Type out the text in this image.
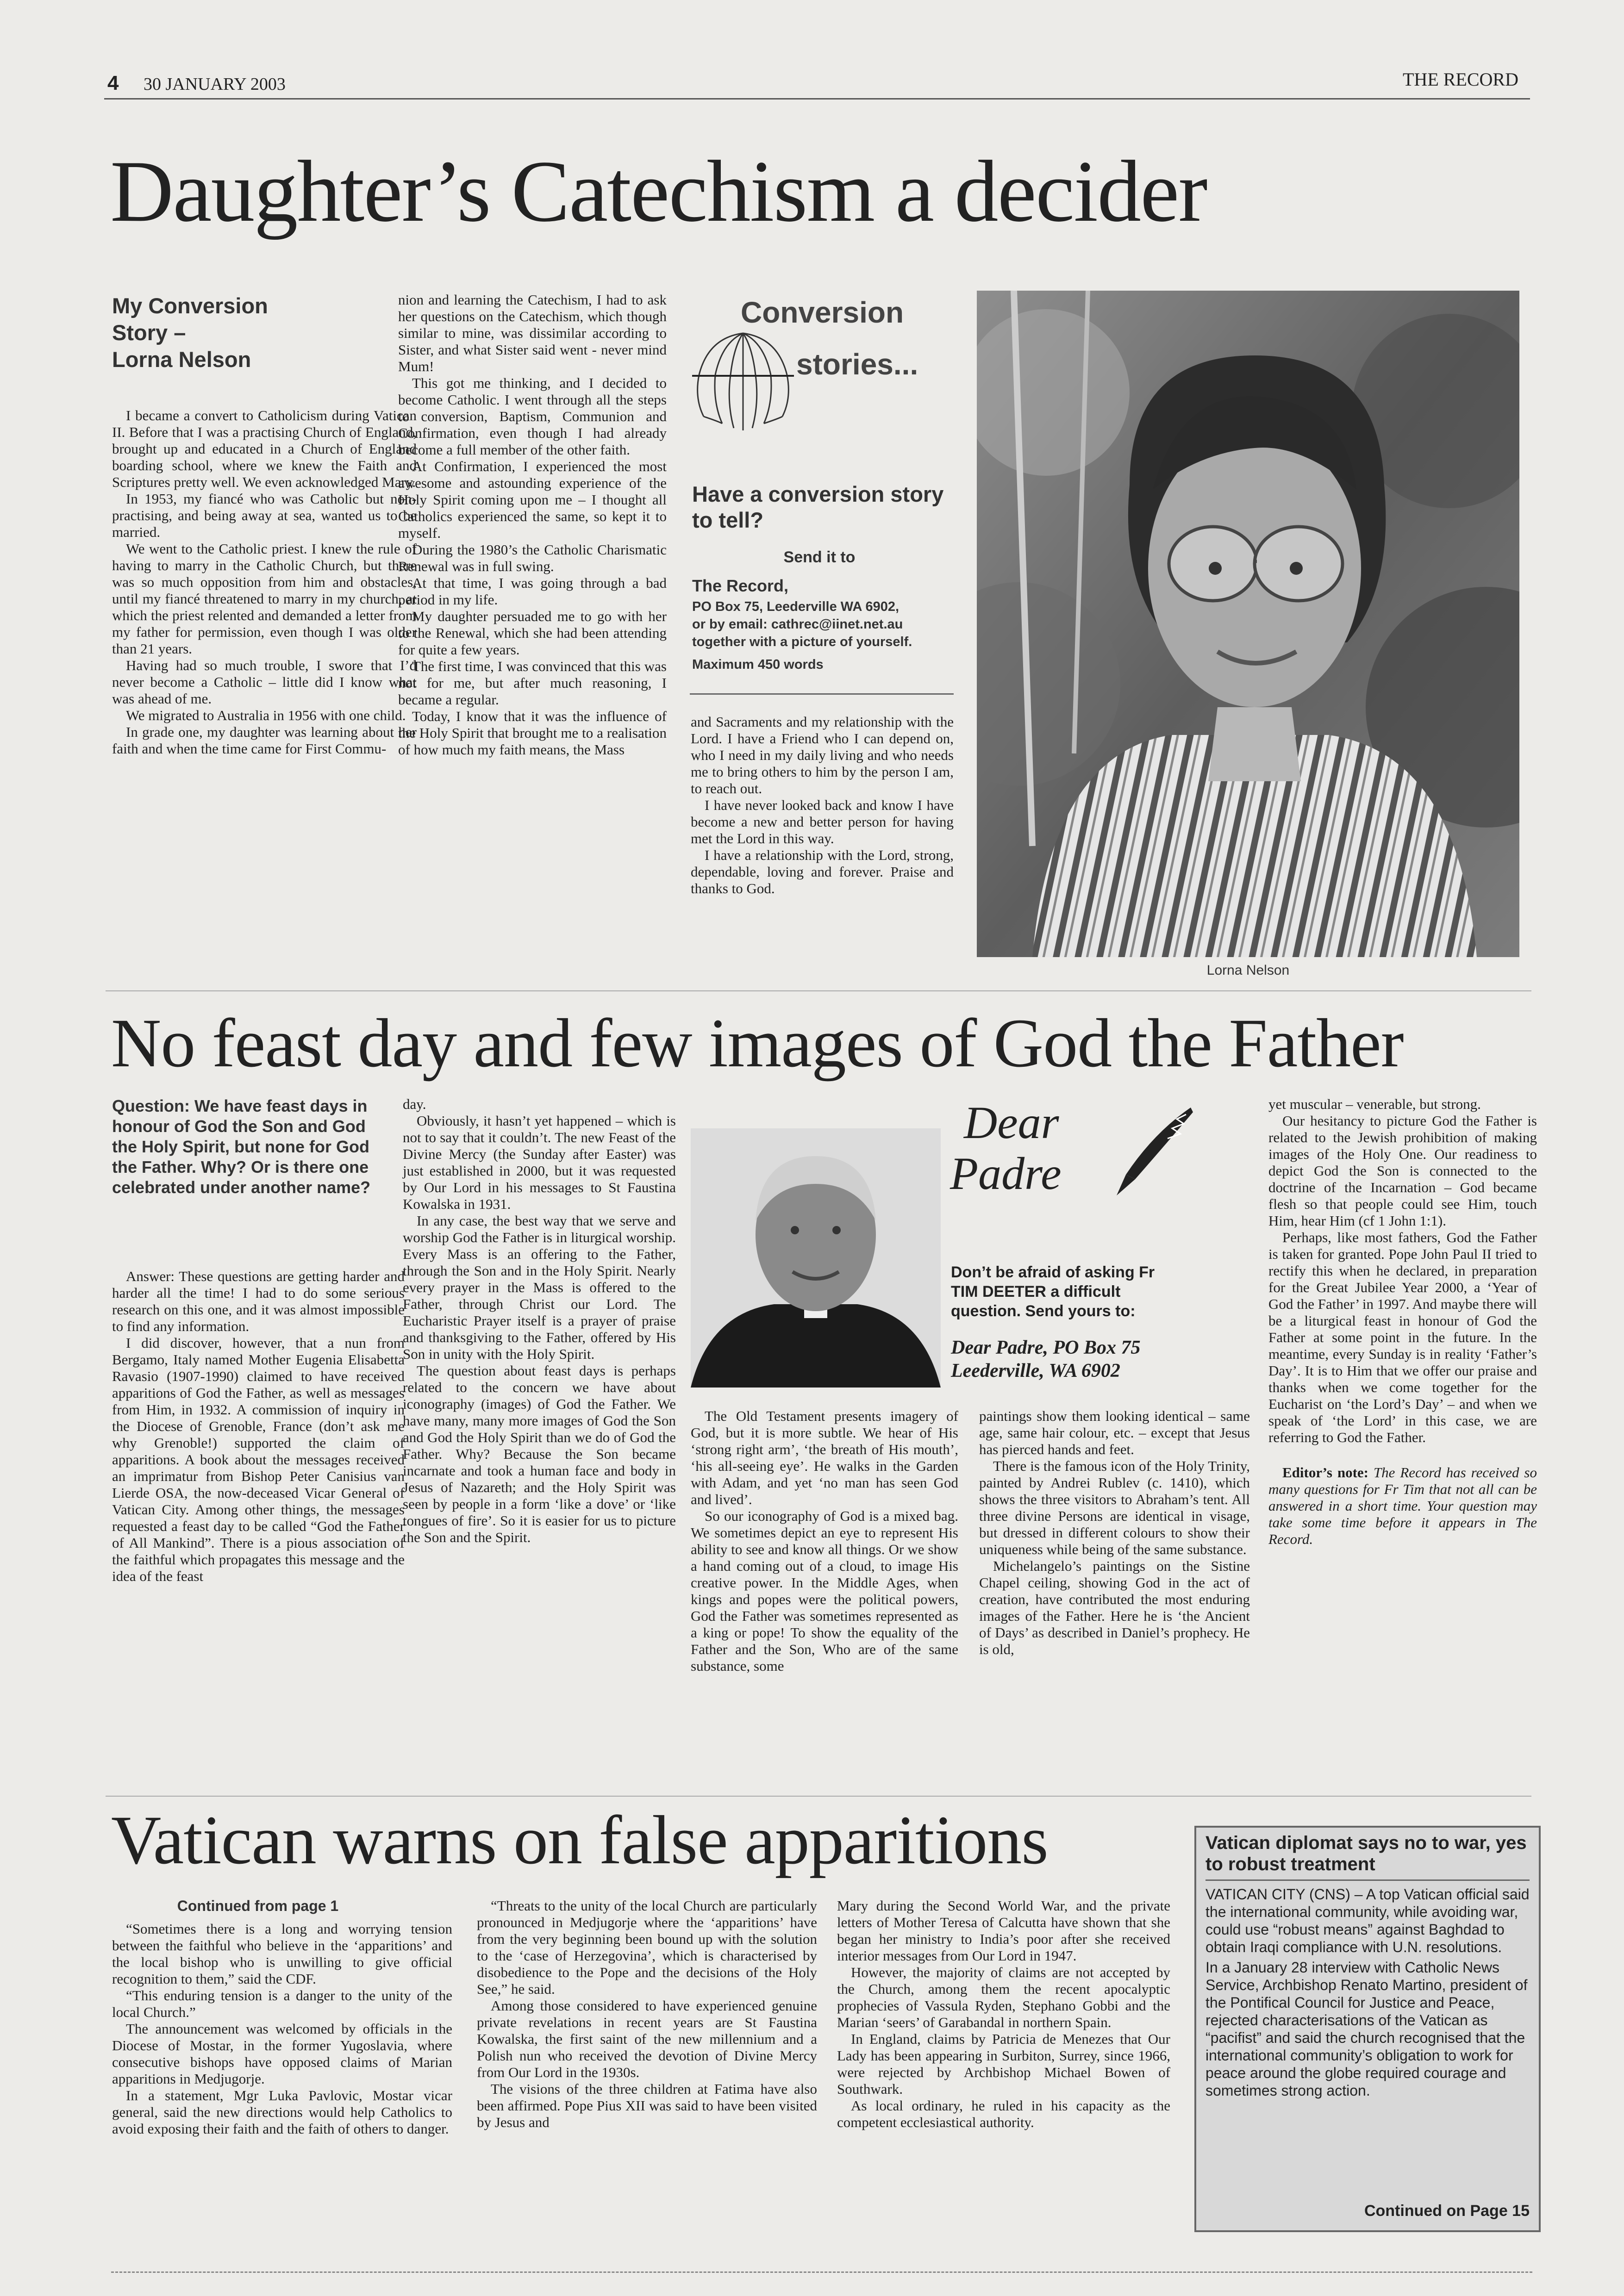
4 30 JANUARY 2003	THE RECORD
Daughter’s Catechism a decider
My Conversion
Story –
Lorna Nelson

I became a convert to Catholicism during Vatican II. Before that I was a practising Church of England, brought up and educated in a Church of England boarding school, where we knew the Faith and Scriptures pretty well. We even acknowledged Mary.

In 1953, my fiancé who was Catholic but non-practising, and being away at sea, wanted us to be married.

We went to the Catholic priest. I knew the rule of having to marry in the Catholic Church, but there was so much opposition from him and obstacles, until my fiancé threatened to marry in my church, at which the priest relented and demanded a letter from my father for permission, even though I was older than 21 years.

Having had so much trouble, I swore that I’d never become a Catholic – little did I know what was ahead of me.

We migrated to Australia in 1956 with one child.

In grade one, my daughter was learning about her faith and when the time came for First Commu-

nion and learning the Catechism, I had to ask her questions on the Catechism, which though similar to mine, was dissimilar according to Sister, and what Sister said went - never mind Mum!

This got me thinking, and I decided to become Catholic. I went through all the steps to conversion, Baptism, Communion and Confirmation, even though I had already become a full member of the other faith.

At Confirmation, I experienced the most awesome and astounding experience of the Holy Spirit coming upon me – I thought all Catholics experienced the same, so kept it to myself.

During the 1980’s the Catholic Charismatic Renewal was in full swing.

At that time, I was going through a bad period in my life.

My daughter persuaded me to go with her to the Renewal, which she had been attending for quite a few years.

The first time, I was convinced that this was not for me, but after much reasoning, I became a regular.

Today, I know that it was the influence of the Holy Spirit that brought me to a realisation of how much my faith means, the Mass

Conversion
stories...
Have a conversion story to tell?
Send it to
The Record,
PO Box 75, Leederville WA 6902,
or by email: cathrec@iinet.net.au
together with a picture of yourself.
Maximum 450 words

and Sacraments and my relationship with the Lord. I have a Friend who I can depend on, who I need in my daily living and who needs me to bring others to him by the person I am, to reach out.

I have never looked back and know I have become a new and better person for having met the Lord in this way.

I have a relationship with the Lord, strong, dependable, loving and forever. Praise and thanks to God.

Lorna Nelson
No feast day and few images of God the Father
Question: We have feast days in honour of God the Son and God the Holy Spirit, but none for God the Father. Why? Or is there one celebrated under another name?

Answer: These questions are getting harder and harder all the time! I had to do some serious research on this one, and it was almost impossible to find any information.

I did discover, however, that a nun from Bergamo, Italy named Mother Eugenia Elisabetta Ravasio (1907-1990) claimed to have received apparitions of God the Father, as well as messages from Him, in 1932. A commission of inquiry in the Diocese of Grenoble, France (don’t ask me why Grenoble!) supported the claim of apparitions. A book about the messages received an imprimatur from Bishop Peter Canisius van Lierde OSA, the now-deceased Vicar General of Vatican City. Among other things, the messages requested a feast day to be called “God the Father of All Mankind”. There is a pious association of the faithful which propagates this message and the idea of the feast

day.

Obviously, it hasn’t yet happened – which is not to say that it couldn’t. The new Feast of the Divine Mercy (the Sunday after Easter) was just established in 2000, but it was requested by Our Lord in his messages to St Faustina Kowalska in 1931.

In any case, the best way that we serve and worship God the Father is in liturgical worship. Every Mass is an offering to the Father, through the Son and in the Holy Spirit. Nearly every prayer in the Mass is offered to the Father, through Christ our Lord. The Eucharistic Prayer itself is a prayer of praise and thanksgiving to the Father, offered by His Son in unity with the Holy Spirit.

The question about feast days is perhaps related to the concern we have about iconography (images) of God the Father. We have many, many more images of God the Son and God the Holy Spirit than we do of God the Father. Why? Because the Son became incarnate and took a human face and body in Jesus of Nazareth; and the Holy Spirit was seen by people in a form ‘like a dove’ or ‘like tongues of fire’. So it is easier for us to picture the Son and the Spirit.

Dear
Padre
Don’t be afraid of asking Fr TIM DEETER a difficult question. Send yours to:
Dear Padre, PO Box 75
Leederville, WA 6902

The Old Testament presents imagery of God, but it is more subtle. We hear of His ‘strong right arm’, ‘the breath of His mouth’, ‘his all-seeing eye’. He walks in the Garden with Adam, and yet ‘no man has seen God and lived’.

So our iconography of God is a mixed bag. We sometimes depict an eye to represent His ability to see and know all things. Or we show a hand coming out of a cloud, to image His creative power. In the Middle Ages, when kings and popes were the political powers, God the Father was sometimes represented as a king or pope! To show the equality of the Father and the Son, Who are of the same substance, some

paintings show them looking identical – same age, same hair colour, etc. – except that Jesus has pierced hands and feet.

There is the famous icon of the Holy Trinity, painted by Andrei Rublev (c. 1410), which shows the three visitors to Abraham’s tent. All three divine Persons are identical in visage, but dressed in different colours to show their uniqueness while being of the same substance.

Michelangelo’s paintings on the Sistine Chapel ceiling, showing God in the act of creation, have contributed the most enduring images of the Father. Here he is ‘the Ancient of Days’ as described in Daniel’s prophecy. He is old,

yet muscular – venerable, but strong.

Our hesitancy to picture God the Father is related to the Jewish prohibition of making images of the Holy One. Our readiness to depict God the Son is connected to the doctrine of the Incarnation – God became flesh so that people could see Him, touch Him, hear Him (cf 1 John 1:1).

Perhaps, like most fathers, God the Father is taken for granted. Pope John Paul II tried to rectify this when he declared, in preparation for the Great Jubilee Year 2000, a ‘Year of God the Father’ in 1997. And maybe there will be a liturgical feast in honour of God the Father at some point in the future. In the meantime, every Sunday is in reality ‘Father’s Day’. It is to Him that we offer our praise and thanks when we come together for the Eucharist on ‘the Lord’s Day’ – and when we speak of ‘the Lord’ in this case, we are referring to God the Father.

Editor’s note: The Record has received so many questions for Fr Tim that not all can be answered in a short time. Your question may take some time before it appears in The Record.

Vatican warns on false apparitions
Continued from page 1

“Sometimes there is a long and worrying tension between the faithful who believe in the ‘apparitions’ and the local bishop who is unwilling to give official recognition to them,” said the CDF.

“This enduring tension is a danger to the unity of the local Church.”

The announcement was welcomed by officials in the Diocese of Mostar, in the former Yugoslavia, where consecutive bishops have opposed claims of Marian apparitions in Medjugorje.

In a statement, Mgr Luka Pavlovic, Mostar vicar general, said the new directions would help Catholics to avoid exposing their faith and the faith of others to danger.

“Threats to the unity of the local Church are particularly pronounced in Medjugorje where the ‘apparitions’ have from the very beginning been bound up with the solution to the ‘case of Herzegovina’, which is characterised by disobedience to the Pope and the decisions of the Holy See,” he said.

Among those considered to have experienced genuine private revelations in recent years are St Faustina Kowalska, the first saint of the new millennium and a Polish nun who received the devotion of Divine Mercy from Our Lord in the 1930s.

The visions of the three children at Fatima have also been affirmed. Pope Pius XII was said to have been visited by Jesus and

Mary during the Second World War, and the private letters of Mother Teresa of Calcutta have shown that she began her ministry to India’s poor after she received interior messages from Our Lord in 1947.

However, the majority of claims are not accepted by the Church, among them the recent apocalyptic prophecies of Vassula Ryden, Stephano Gobbi and the Marian ‘seers’ of Garabandal in northern Spain.

In England, claims by Patricia de Menezes that Our Lady has been appearing in Surbiton, Surrey, since 1966, were rejected by Archbishop Michael Bowen of Southwark.

As local ordinary, he ruled in his capacity as the competent ecclesiastical authority.

Vatican diplomat says no to war, yes to robust treatment

VATICAN CITY (CNS) – A top Vatican official said the international community, while avoiding war, could use “robust means” against Baghdad to obtain Iraqi compliance with U.N. resolutions.

In a January 28 interview with Catholic News Service, Archbishop Renato Martino, president of the Pontifical Council for Justice and Peace, rejected characterisations of the Vatican as “pacifist” and said the church recognised that the international community’s obligation to work for peace around the globe required courage and sometimes strong action.

Continued on Page 15
